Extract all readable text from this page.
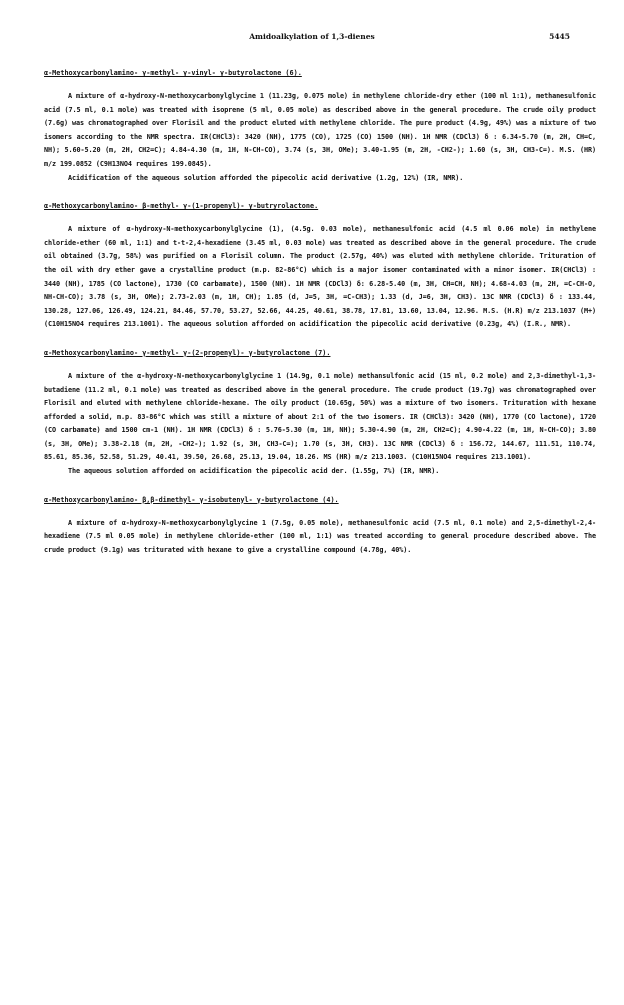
Amidoalkylation of 1,3-dienes	5445
α-Methoxycarbonylamino- γ-methyl- γ-vinyl- γ-butyrolactone (6).

A mixture of α-hydroxy-N-methoxycarbonylglycine 1 (11.23g, 0.075 mole) in methylene chloride-dry ether (100 ml 1:1), methanesulfonic acid (7.5 ml, 0.1 mole) was treated with isoprene (5 ml, 0.05 mole) as described above in the general procedure. The crude oily product (7.6g) was chromatographed over Florisil and the product eluted with methylene chloride. The pure product (4.9g, 49%) was a mixture of two isomers according to the NMR spectra. IR(CHCl3): 3420 (NH), 1775 (CO), 1725 (CO) 1500 (NH). 1H NMR (CDCl3) δ : 6.34-5.70 (m, 2H, CH=C, NH); 5.60-5.20 (m, 2H, CH2=C); 4.84-4.30 (m, 1H, N-CH-CO), 3.74 (s, 3H, OMe); 3.40-1.95 (m, 2H, -CH2-); 1.60 (s, 3H, CH3-C=). M.S. (HR) m/z 199.0852 (C9H13NO4 requires 199.0845).

Acidification of the aqueous solution afforded the pipecolic acid derivative (1.2g, 12%) (IR, NMR).

α-Methoxycarbonylamino- β-methyl- γ-(1-propenyl)- γ-butryrolactone.

A mixture of α-hydroxy-N-methoxycarbonylglycine (1), (4.5g. 0.03 mole), methanesulfonic acid (4.5 ml 0.06 mole) in methylene chloride-ether (60 ml, 1:1) and t-t-2,4-hexadiene (3.45 ml, 0.03 mole) was treated as described above in the general procedure. The crude oil obtained (3.7g, 58%) was purified on a Florisil column. The product (2.57g, 40%) was eluted with methylene chloride. Trituration of the oil with dry ether gave a crystalline product (m.p. 82-86°C) which is a major isomer contaminated with a minor isomer. IR(CHCl3) : 3440 (NH), 1785 (CO lactone), 1730 (CO carbamate), 1500 (NH). 1H NMR (CDCl3) δ: 6.28-5.40 (m, 3H, CH=CH, NH); 4.68-4.03 (m, 2H, =C-CH-O, NH-CH-CO); 3.78 (s, 3H, OMe); 2.73-2.03 (m, 1H, CH); 1.85 (d, J=5, 3H, =C-CH3); 1.33 (d, J=6, 3H, CH3). 13C NMR (CDCl3) δ : 133.44, 130.28, 127.06, 126.49, 124.21, 84.46, 57.70, 53.27, 52.66, 44.25, 40.61, 38.78, 17.81, 13.60, 13.04, 12.96. M.S. (H.R) m/z 213.1037 (M+) (C10H15NO4 requires 213.1001). The aqueous solution afforded on acidification the pipecolic acid derivative (0.23g, 4%) (I.R., NMR).

α-Methoxycarbonylamino- γ-methyl- γ-(2-propenyl)- γ-butyrolactone (7).

A mixture of the α-hydroxy-N-methoxycarbonylglycine 1 (14.9g, 0.1 mole) methansulfonic acid (15 ml, 0.2 mole) and 2,3-dimethyl-1,3-butadiene (11.2 ml, 0.1 mole) was treated as described above in the general procedure. The crude product (19.7g) was chromatographed over Florisil and eluted with methylene chloride-hexane. The oily product (10.65g, 50%) was a mixture of two isomers. Trituration with hexane afforded a solid, m.p. 83-86°C which was still a mixture of about 2:1 of the two isomers. IR (CHCl3): 3420 (NH), 1770 (CO lactone), 1720 (CO carbamate) and 1500 cm-1 (NH). 1H NMR (CDCl3) δ : 5.76-5.30 (m, 1H, NH); 5.30-4.90 (m, 2H, CH2=C); 4.90-4.22 (m, 1H, N-CH-CO); 3.80 (s, 3H, OMe); 3.38-2.18 (m, 2H, -CH2-); 1.92 (s, 3H, CH3-C=); 1.70 (s, 3H, CH3). 13C NMR (CDCl3) δ : 156.72, 144.67, 111.51, 110.74, 85.61, 85.36, 52.58, 51.29, 40.41, 39.50, 26.68, 25.13, 19.04, 18.26. MS (HR) m/z 213.1003. (C10H15NO4 requires 213.1001).

The aqueous solution afforded on acidification the pipecolic acid der. (1.55g, 7%) (IR, NMR).

α-Methoxycarbonylamino- β,β-dimethyl- γ-isobutenyl- γ-butyrolactone (4).

A mixture of α-hydroxy-N-methoxycarbonylglycine 1 (7.5g, 0.05 mole), methanesulfonic acid (7.5 ml, 0.1 mole) and 2,5-dimethyl-2,4-hexadiene (7.5 ml 0.05 mole) in methylene chloride-ether (100 ml, 1:1) was treated according to general procedure described above. The crude product (9.1g) was triturated with hexane to give a crystalline compound (4.78g, 40%).
